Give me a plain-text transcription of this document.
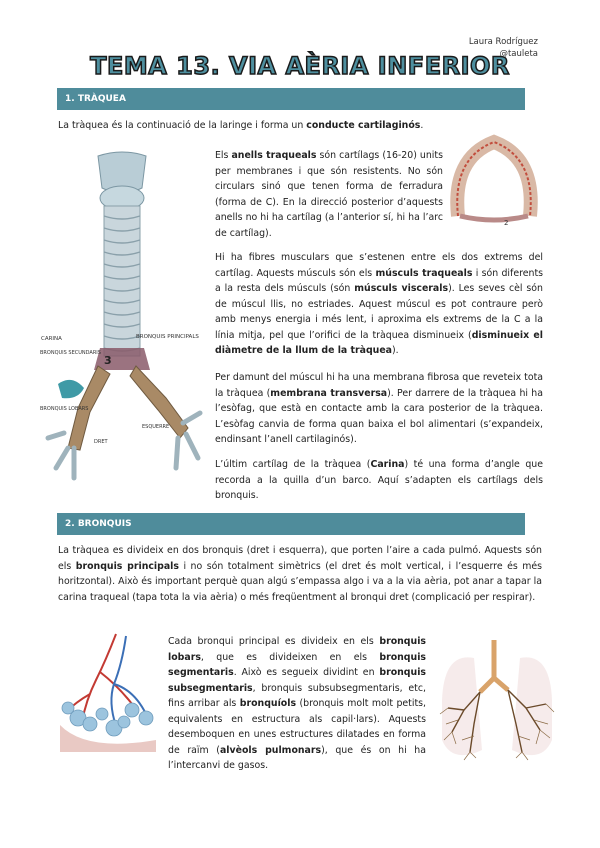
Laura Rodríguez
@tauleta
TEMA 13. VIA AÈRIA INFERIOR
1. TRÀQUEA

La tràquea és la continuació de la laringe i forma un conducte cartilaginós.

CARINA	BRONQUIS PRINCIPALS
BRONQUIS SECUNDARIS
BRONQUIS LOBARS
3
DRET
ESQUERRE
2

Els anells traqueals són cartílags (16-20) units per membranes i que són resistents. No són circulars sinó que tenen forma de ferradura (forma de C). En la direcció posterior d’aquests anells no hi ha cartílag (a l’anterior sí, hi ha l’arc de cartílag).

Hi ha fibres musculars que s’estenen entre els dos extrems del cartílag. Aquests músculs són els músculs traqueals i són diferents a la resta dels músculs (són músculs viscerals). Les seves cèl són de múscul llis, no estriades. Aquest múscul es pot contraure però amb menys energia i més lent, i aproxima els extrems de la C a la línia mitja, pel que l’orifici de la tràquea disminueix (disminueix el diàmetre de la llum de la tràquea).

Per damunt del múscul hi ha una membrana fibrosa que reveteix tota la tràquea (membrana transversa). Per darrere de la tràquea hi ha l’esòfag, que està en contacte amb la cara posterior de la tràquea. L’esòfag canvia de forma quan baixa el bol alimentari (s’expandeix, endinsant l’anell cartilaginós).

L’últim cartílag de la tràquea (Carina) té una forma d’angle que recorda a la quilla d’un barco. Aquí s’adapten els cartílags dels bronquis.

2. BRONQUIS

La tràquea es divideix en dos bronquis (dret i esquerra), que porten l’aire a cada pulmó. Aquests són els bronquis principals i no són totalment simètrics (el dret és molt vertical, i l’esquerre és més horitzontal). Això és important perquè quan algú s’empassa algo i va a la via aèria, pot anar a tapar la carina traqueal (tapa tota la via aèria) o més freqüentment al bronqui dret (complicació per respirar).

Cada bronqui principal es divideix en els bronquis lobars, que es divideixen en els bronquis segmentaris. Això es segueix dividint en bronquis subsegmentaris, bronquis subsubsegmentaris, etc, fins arribar als bronquíols (bronquis molt molt petits, equivalents en estructura als capil·lars). Aquests desemboquen en unes estructures dilatades en forma de raïm (alvèols pulmonars), que és on hi ha l’intercanvi de gasos.
